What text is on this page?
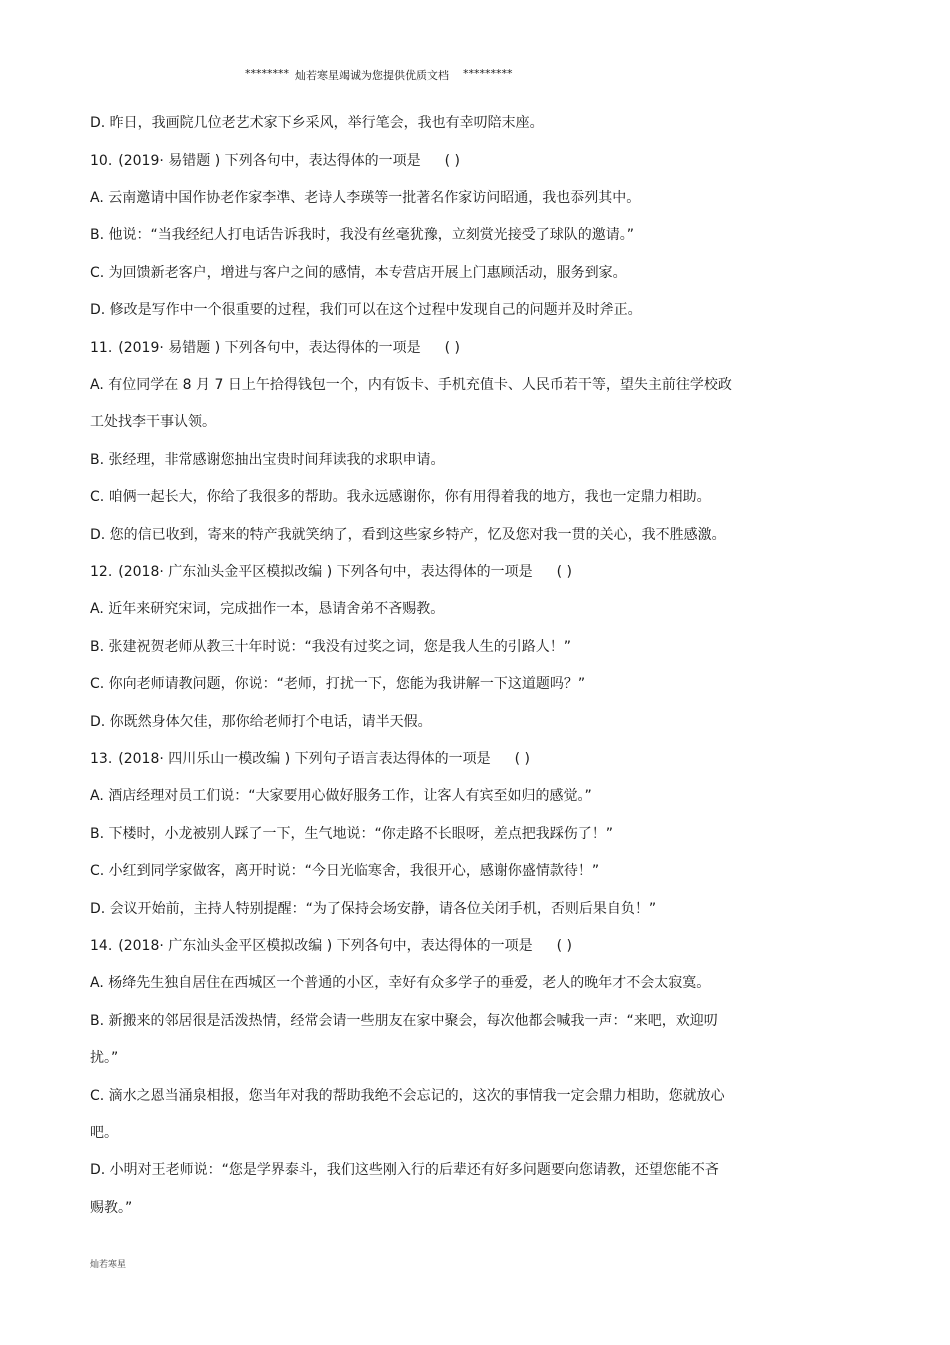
******** 灿若寒星竭诚为您提供优质文档 *********
D. 昨日，我画院几位老艺术家下乡采风，举行笔会，我也有幸叨陪末座。
10. (2019· 易错题 ) 下列各句中，表达得体的一项是 ( )
A. 云南邀请中国作协老作家李凖、老诗人李瑛等一批著名作家访问昭通，我也忝列其中。
B. 他说：“当我经纪人打电话告诉我时，我没有丝毫犹豫，立刻赏光接受了球队的邀请。”
C. 为回馈新老客户，增进与客户之间的感情，本专营店开展上门惠顾活动，服务到家。
D. 修改是写作中一个很重要的过程，我们可以在这个过程中发现自己的问题并及时斧正。
11. (2019· 易错题 ) 下列各句中，表达得体的一项是 ( )
A. 有位同学在 8 月 7 日上午拾得钱包一个，内有饭卡、手机充值卡、人民币若干等，望失主前往学校政
工处找李干事认领。
B. 张经理，非常感谢您抽出宝贵时间拜读我的求职申请。
C. 咱俩一起长大，你给了我很多的帮助。我永远感谢你，你有用得着我的地方，我也一定鼎力相助。
D. 您的信已收到，寄来的特产我就笑纳了，看到这些家乡特产，忆及您对我一贯的关心，我不胜感激。
12. (2018· 广东汕头金平区模拟改编 ) 下列各句中，表达得体的一项是 ( )
A. 近年来研究宋词，完成拙作一本，恳请舍弟不吝赐教。
B. 张建祝贺老师从教三十年时说：“我没有过奖之词，您是我人生的引路人！”
C. 你向老师请教问题，你说：“老师，打扰一下，您能为我讲解一下这道题吗？”
D. 你既然身体欠佳，那你给老师打个电话，请半天假。
13. (2018· 四川乐山一模改编 ) 下列句子语言表达得体的一项是 ( )
A. 酒店经理对员工们说：“大家要用心做好服务工作，让客人有宾至如归的感觉。”
B. 下楼时，小龙被别人踩了一下，生气地说：“你走路不长眼呀，差点把我踩伤了！”
C. 小红到同学家做客，离开时说：“今日光临寒舍，我很开心，感谢你盛情款待！”
D. 会议开始前，主持人特别提醒：“为了保持会场安静，请各位关闭手机，否则后果自负！”
14. (2018· 广东汕头金平区模拟改编 ) 下列各句中，表达得体的一项是 ( )
A. 杨绛先生独自居住在西城区一个普通的小区，幸好有众多学子的垂爱，老人的晚年才不会太寂寞。
B. 新搬来的邻居很是活泼热情，经常会请一些朋友在家中聚会，每次他都会喊我一声：“来吧，欢迎叨
扰。”
C. 滴水之恩当涌泉相报，您当年对我的帮助我绝不会忘记的，这次的事情我一定会鼎力相助，您就放心
吧。
D. 小明对王老师说：“您是学界泰斗，我们这些刚入行的后辈还有好多问题要向您请教，还望您能不吝
赐教。”
灿若寒星
